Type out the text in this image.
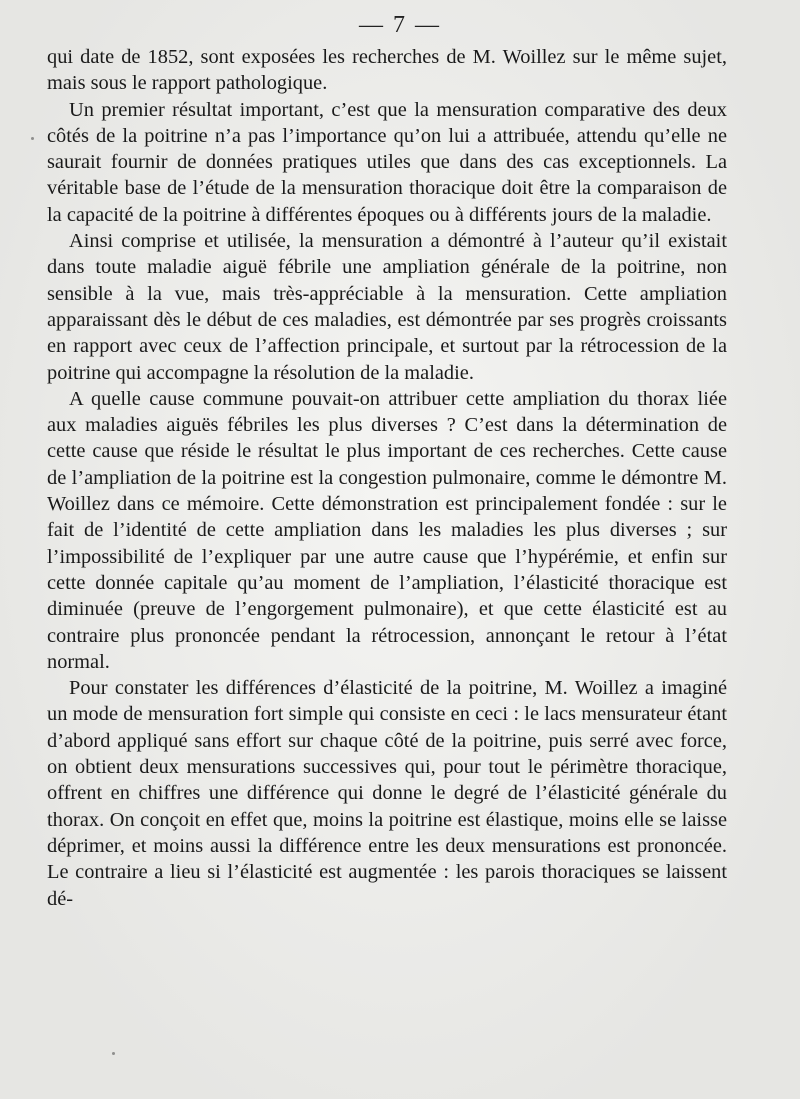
— 7 —

qui date de 1852, sont exposées les recherches de M. Woillez sur le même sujet, mais sous le rapport pathologique.

Un premier résultat important, c’est que la mensuration comparative des deux côtés de la poitrine n’a pas l’importance qu’on lui a attribuée, attendu qu’elle ne saurait fournir de données pratiques utiles que dans des cas exceptionnels. La véritable base de l’étude de la mensuration thoracique doit être la comparaison de la capacité de la poitrine à différentes époques ou à différents jours de la maladie.

Ainsi comprise et utilisée, la mensuration a démontré à l’auteur qu’il existait dans toute maladie aiguë fébrile une ampliation générale de la poitrine, non sensible à la vue, mais très-appréciable à la mensuration. Cette ampliation apparaissant dès le début de ces maladies, est démontrée par ses progrès croissants en rapport avec ceux de l’affection principale, et surtout par la rétrocession de la poitrine qui accompagne la résolution de la maladie.

A quelle cause commune pouvait-on attribuer cette ampliation du thorax liée aux maladies aiguës fébriles les plus diverses ? C’est dans la détermination de cette cause que réside le résultat le plus important de ces recherches. Cette cause de l’ampliation de la poitrine est la congestion pulmonaire, comme le démontre M. Woillez dans ce mémoire. Cette démonstration est principalement fondée : sur le fait de l’identité de cette ampliation dans les maladies les plus diverses ; sur l’impossibilité de l’expliquer par une autre cause que l’hypérémie, et enfin sur cette donnée capitale qu’au moment de l’ampliation, l’élasticité thoracique est diminuée (preuve de l’engorgement pulmonaire), et que cette élasticité est au contraire plus prononcée pendant la rétrocession, annonçant le retour à l’état normal.

Pour constater les différences d’élasticité de la poitrine, M. Woillez a imaginé un mode de mensuration fort simple qui consiste en ceci : le lacs mensurateur étant d’abord appliqué sans effort sur chaque côté de la poitrine, puis serré avec force, on obtient deux mensurations successives qui, pour tout le périmètre thoracique, offrent en chiffres une différence qui donne le degré de l’élasticité générale du thorax. On conçoit en effet que, moins la poitrine est élastique, moins elle se laisse déprimer, et moins aussi la différence entre les deux mensurations est prononcée. Le contraire a lieu si l’élasticité est augmentée : les parois thoraciques se laissent dé-
